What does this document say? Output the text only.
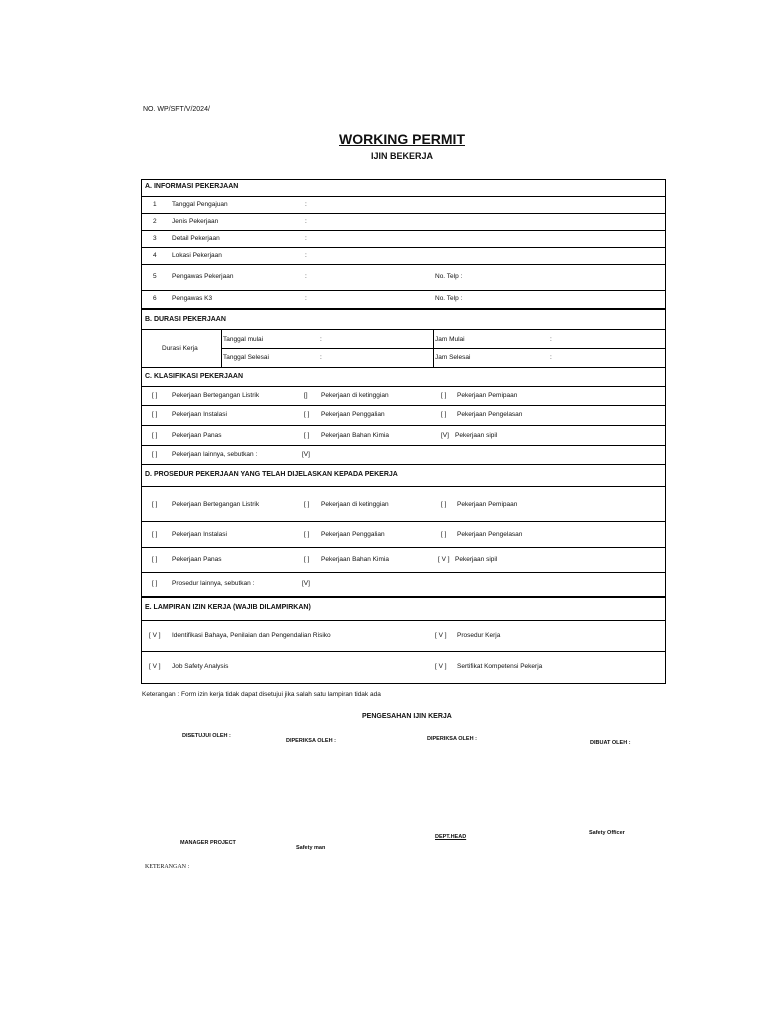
NO. WP/SFT/V/2024/
WORKING PERMIT
IJIN BEKERJA
A. INFORMASI PEKERJAAN
1 Tanggal Pengajuan	:
2 Jenis Pekerjaan	:
3 Detail Pekerjaan	:
4 Lokasi Pekerjaan	:
5 Pengawas Pekerjaan	:	No. Telp :
6 Pengawas K3	:	No. Telp :
B. DURASI PEKERJAAN
Durasi Kerja
Tanggal mulai	:	Jam Mulai	:
Tanggal Selesai	:	Jam Selesai	:
C. KLASIFIKASI PEKERJAAN
[ ] Pekerjaan Bertegangan Listrik	[] Pekerjaan di ketinggian	[ ] Pekerjaan Pemipaan
[ ] Pekerjaan Instalasi	[ ] Pekerjaan Penggalian	[ ] Pekerjaan Pengelasan
[ ] Pekerjaan Panas	[ ] Pekerjaan Bahan Kimia	[V] Pekerjaan sipil
[ ] Pekerjaan lainnya, sebutkan :	[V]
D. PROSEDUR PEKERJAAN YANG TELAH DIJELASKAN KEPADA PEKERJA
[ ] Pekerjaan Bertegangan Listrik	[ ] Pekerjaan di ketinggian	[ ] Pekerjaan Pemipaan
[ ] Pekerjaan Instalasi	[ ] Pekerjaan Penggalian	[ ] Pekerjaan Pengelasan
[ ] Pekerjaan Panas	[ ] Pekerjaan Bahan Kimia	[ V ] Pekerjaan sipil
[ ] Prosedur lainnya, sebutkan :	[V]
E. LAMPIRAN IZIN KERJA (WAJIB DILAMPIRKAN)
[ V ] Identifikasi Bahaya, Penilaian dan Pengendalian Risiko	[ V ] Prosedur Kerja
[ V ] Job Safety Analysis	[ V ] Sertifikat Kompetensi Pekerja
Keterangan : Form izin kerja tidak dapat disetujui jika salah satu lampiran tidak ada
PENGESAHAN IJIN KERJA
DISETUJUI OLEH :
DIPERIKSA OLEH :	DIPERIKSA OLEH :
DIBUAT OLEH :
MANAGER PROJECT
Safety man
DEPT.HEAD
Safety Officer
KETERANGAN :
